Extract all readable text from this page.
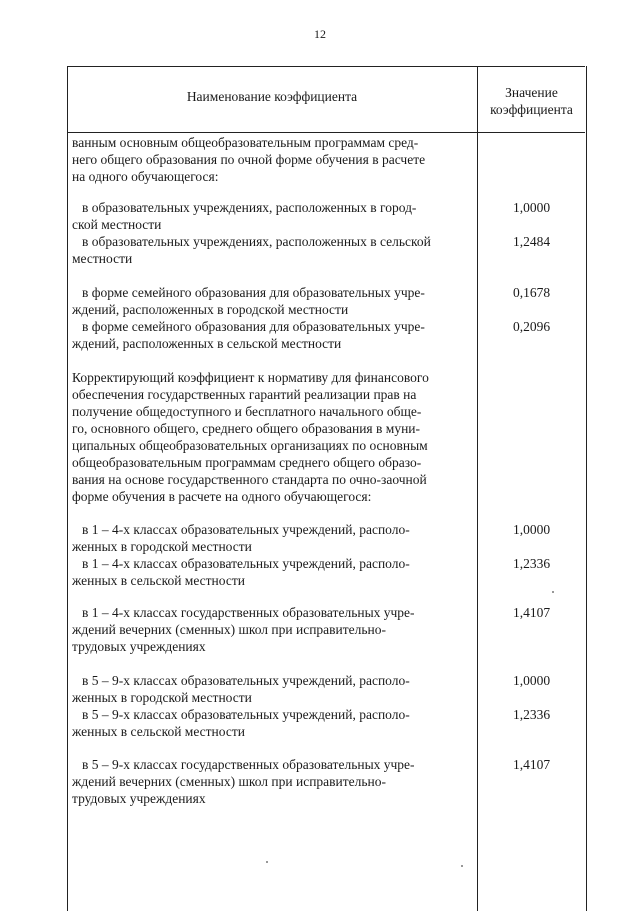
12
Наименование коэффициента	Значение
коэффициента
ванным основным общеобразовательным программам сред-
него общего образования по очной форме обучения в расчете
на одного обучающегося:
в образовательных учреждениях, расположенных в город-
ской местности
1,0000
в образовательных учреждениях, расположенных в сельской
местности
1,2484
в форме семейного образования для образовательных учре-
ждений, расположенных в городской местности
0,1678
в форме семейного образования для образовательных учре-
ждений, расположенных в сельской местности
0,2096
Корректирующий коэффициент к нормативу для финансового
обеспечения государственных гарантий реализации прав на
получение общедоступного и бесплатного начального обще-
го, основного общего, среднего общего образования в муни-
ципальных общеобразовательных организациях по основным
общеобразовательным программам среднего общего образо-
вания на основе государственного стандарта по очно-заочной
форме обучения в расчете на одного обучающегося:
в 1 – 4-х классах образовательных учреждений, располо-
женных в городской местности
1,0000
в 1 – 4-х классах образовательных учреждений, располо-
женных в сельской местности
1,2336
в 1 – 4-х классах государственных образовательных учре-
ждений вечерних (сменных) школ при исправительно-
трудовых учреждениях
1,4107
в 5 – 9-х классах образовательных учреждений, располо-
женных в городской местности
1,0000
в 5 – 9-х классах образовательных учреждений, располо-
женных в сельской местности
1,2336
в 5 – 9-х классах государственных образовательных учре-
ждений вечерних (сменных) школ при исправительно-
трудовых учреждениях
1,4107
